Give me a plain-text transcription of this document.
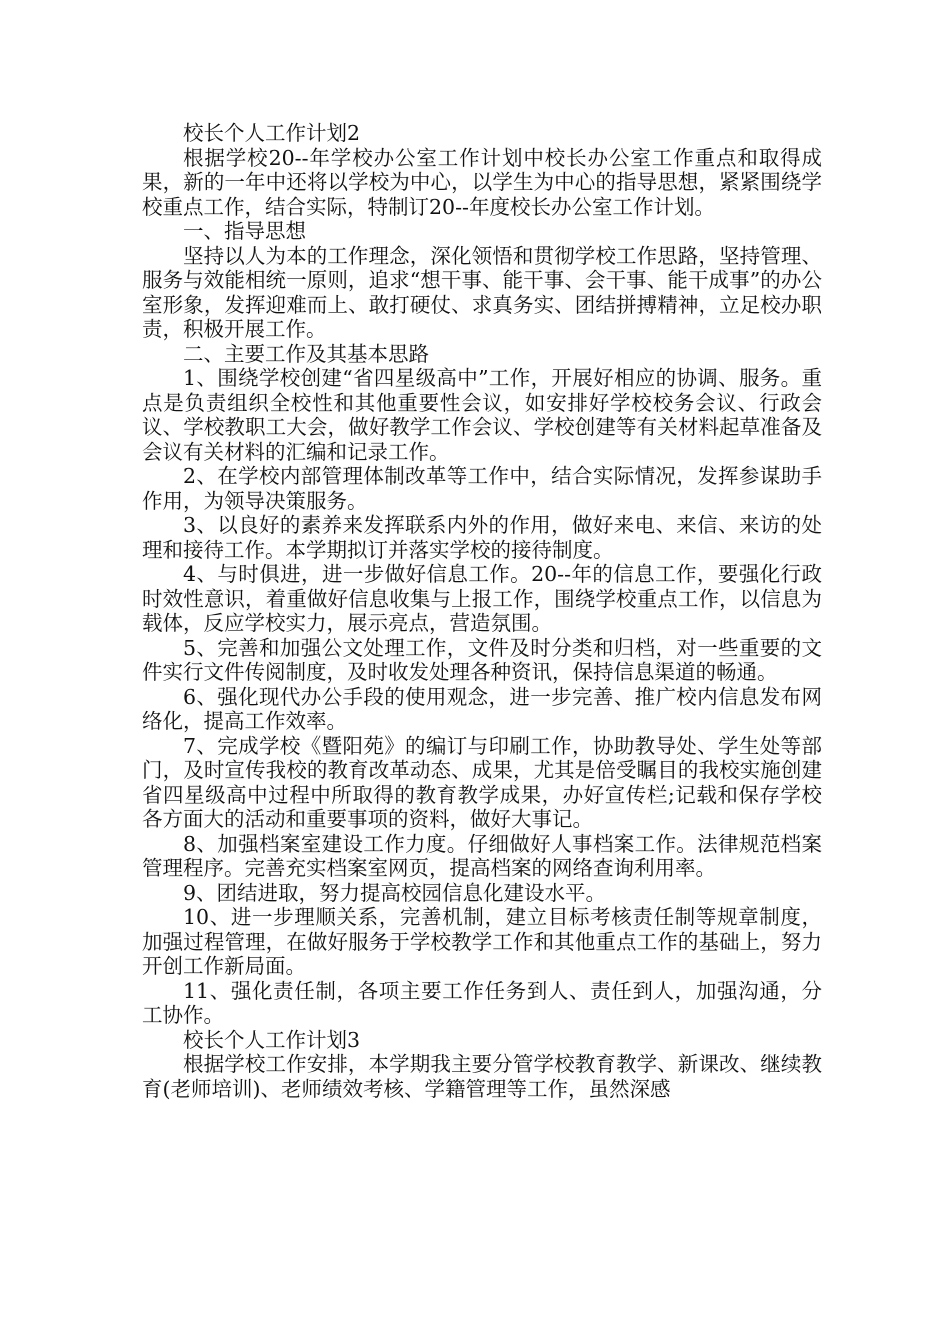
校长个人工作计划2

根据学校20--年学校办公室工作计划中校长办公室工作重点和取得成果，新的一年中还将以学校为中心，以学生为中心的指导思想，紧紧围绕学校重点工作，结合实际，特制订20--年度校长办公室工作计划。

一、指导思想

坚持以人为本的工作理念，深化领悟和贯彻学校工作思路，坚持管理、服务与效能相统一原则，追求“想干事、能干事、会干事、能干成事”的办公室形象，发挥迎难而上、敢打硬仗、求真务实、团结拼搏精神，立足校办职责，积极开展工作。

二、主要工作及其基本思路

1、围绕学校创建“省四星级高中”工作，开展好相应的协调、服务。重点是负责组织全校性和其他重要性会议，如安排好学校校务会议、行政会议、学校教职工大会，做好教学工作会议、学校创建等有关材料起草准备及会议有关材料的汇编和记录工作。

2、在学校内部管理体制改革等工作中，结合实际情况，发挥参谋助手作用，为领导决策服务。

3、以良好的素养来发挥联系内外的作用，做好来电、来信、来访的处理和接待工作。本学期拟订并落实学校的接待制度。

4、与时俱进，进一步做好信息工作。20--年的信息工作，要强化行政时效性意识，着重做好信息收集与上报工作，围绕学校重点工作，以信息为载体，反应学校实力，展示亮点，营造氛围。

5、完善和加强公文处理工作，文件及时分类和归档，对一些重要的文件实行文件传阅制度，及时收发处理各种资讯，保持信息渠道的畅通。

6、强化现代办公手段的使用观念，进一步完善、推广校内信息发布网络化，提高工作效率。

7、完成学校《暨阳苑》的编订与印刷工作，协助教导处、学生处等部门，及时宣传我校的教育改革动态、成果，尤其是倍受瞩目的我校实施创建省四星级高中过程中所取得的教育教学成果，办好宣传栏;记载和保存学校各方面大的活动和重要事项的资料，做好大事记。

8、加强档案室建设工作力度。仔细做好人事档案工作。法律规范档案管理程序。完善充实档案室网页，提高档案的网络查询利用率。

9、团结进取，努力提高校园信息化建设水平。

10、进一步理顺关系，完善机制，建立目标考核责任制等规章制度，加强过程管理，在做好服务于学校教学工作和其他重点工作的基础上，努力开创工作新局面。

11、强化责任制，各项主要工作任务到人、责任到人，加强沟通，分工协作。

校长个人工作计划3

根据学校工作安排，本学期我主要分管学校教育教学、新课改、继续教育(老师培训)、老师绩效考核、学籍管理等工作，虽然深感
